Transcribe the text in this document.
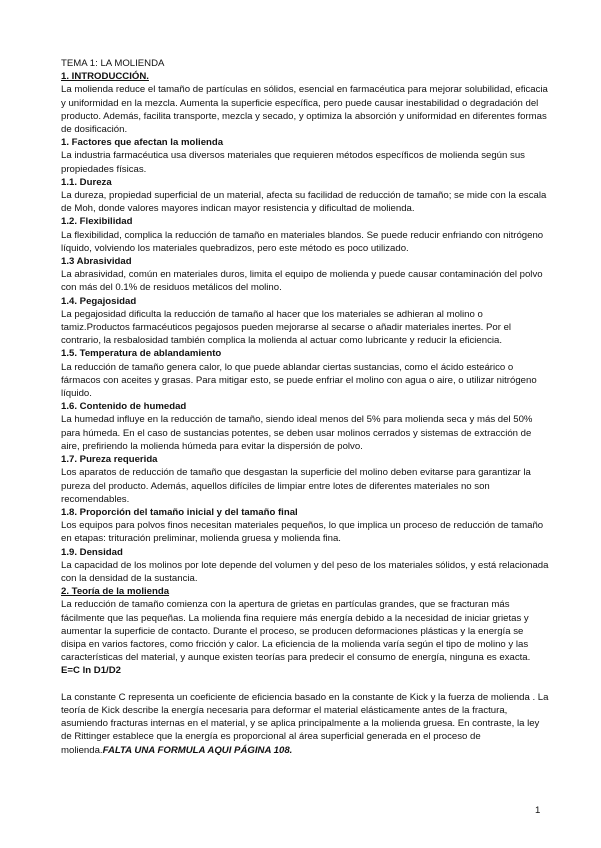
TEMA 1: LA MOLIENDA

1. INTRODUCCIÓN.

La molienda reduce el tamaño de partículas en sólidos, esencial en farmacéutica para mejorar solubilidad, eficacia y uniformidad en la mezcla. Aumenta la superficie específica, pero puede causar inestabilidad o degradación del producto. Además, facilita transporte, mezcla y secado, y optimiza la absorción y uniformidad en diferentes formas de dosificación.

1. Factores que afectan la molienda

La industria farmacéutica usa diversos materiales que requieren métodos específicos de molienda según sus propiedades físicas.

1.1. Dureza

La dureza, propiedad superficial de un material, afecta su facilidad de reducción de tamaño; se mide con la escala de Moh, donde valores mayores indican mayor resistencia y dificultad de molienda.

1.2. Flexibilidad

La flexibilidad, complica la reducción de tamaño en materiales blandos. Se puede reducir enfriando con nitrógeno líquido, volviendo los materiales quebradizos, pero este método es poco utilizado.

1.3 Abrasividad

La abrasividad, común en materiales duros, limita el equipo de molienda y puede causar contaminación del polvo con más del 0.1% de residuos metálicos del molino.

1.4. Pegajosidad

La pegajosidad dificulta la reducción de tamaño al hacer que los materiales se adhieran al molino o tamiz.Productos farmacéuticos pegajosos pueden mejorarse al secarse o añadir materiales inertes. Por el contrario, la resbalosidad también complica la molienda al actuar como lubricante y reducir la eficiencia.

1.5. Temperatura de ablandamiento

La reducción de tamaño genera calor, lo que puede ablandar ciertas sustancias, como el ácido esteárico o fármacos con aceites y grasas. Para mitigar esto, se puede enfriar el molino con agua o aire, o utilizar nitrógeno líquido.

1.6. Contenido de humedad

La humedad influye en la reducción de tamaño, siendo ideal menos del 5% para molienda seca y más del 50% para húmeda. En el caso de sustancias potentes, se deben usar molinos cerrados y sistemas de extracción de aire, prefiriendo la molienda húmeda para evitar la dispersión de polvo.

1.7. Pureza requerida

Los aparatos de reducción de tamaño que desgastan la superficie del molino deben evitarse para garantizar la pureza del producto. Además, aquellos difíciles de limpiar entre lotes de diferentes materiales no son recomendables.

1.8. Proporción del tamaño inicial y del tamaño final

Los equipos para polvos finos necesitan materiales pequeños, lo que implica un proceso de reducción de tamaño en etapas: trituración preliminar, molienda gruesa y molienda fina.

1.9. Densidad

La capacidad de los molinos por lote depende del volumen y del peso de los materiales sólidos, y está relacionada con la densidad de la sustancia.

2. Teoría de la molienda

La reducción de tamaño comienza con la apertura de grietas en partículas grandes, que se fracturan más fácilmente que las pequeñas. La molienda fina requiere más energía debido a la necesidad de iniciar grietas y aumentar la superficie de contacto. Durante el proceso, se producen deformaciones plásticas y la energía se disipa en varios factores, como fricción y calor. La eficiencia de la molienda varía según el tipo de molino y las características del material, y aunque existen teorías para predecir el consumo de energía, ninguna es exacta.

E=C ln D1/D2

La constante C representa un coeficiente de eficiencia basado en la constante de Kick y la fuerza de molienda . La teoría de Kick describe la energía necesaria para deformar el material elásticamente antes de la fractura, asumiendo fracturas internas en el material, y se aplica principalmente a la molienda gruesa. En contraste, la ley de Rittinger establece que la energía es proporcional al área superficial generada en el proceso de molienda.FALTA UNA FORMULA AQUI PÁGINA 108.

1
